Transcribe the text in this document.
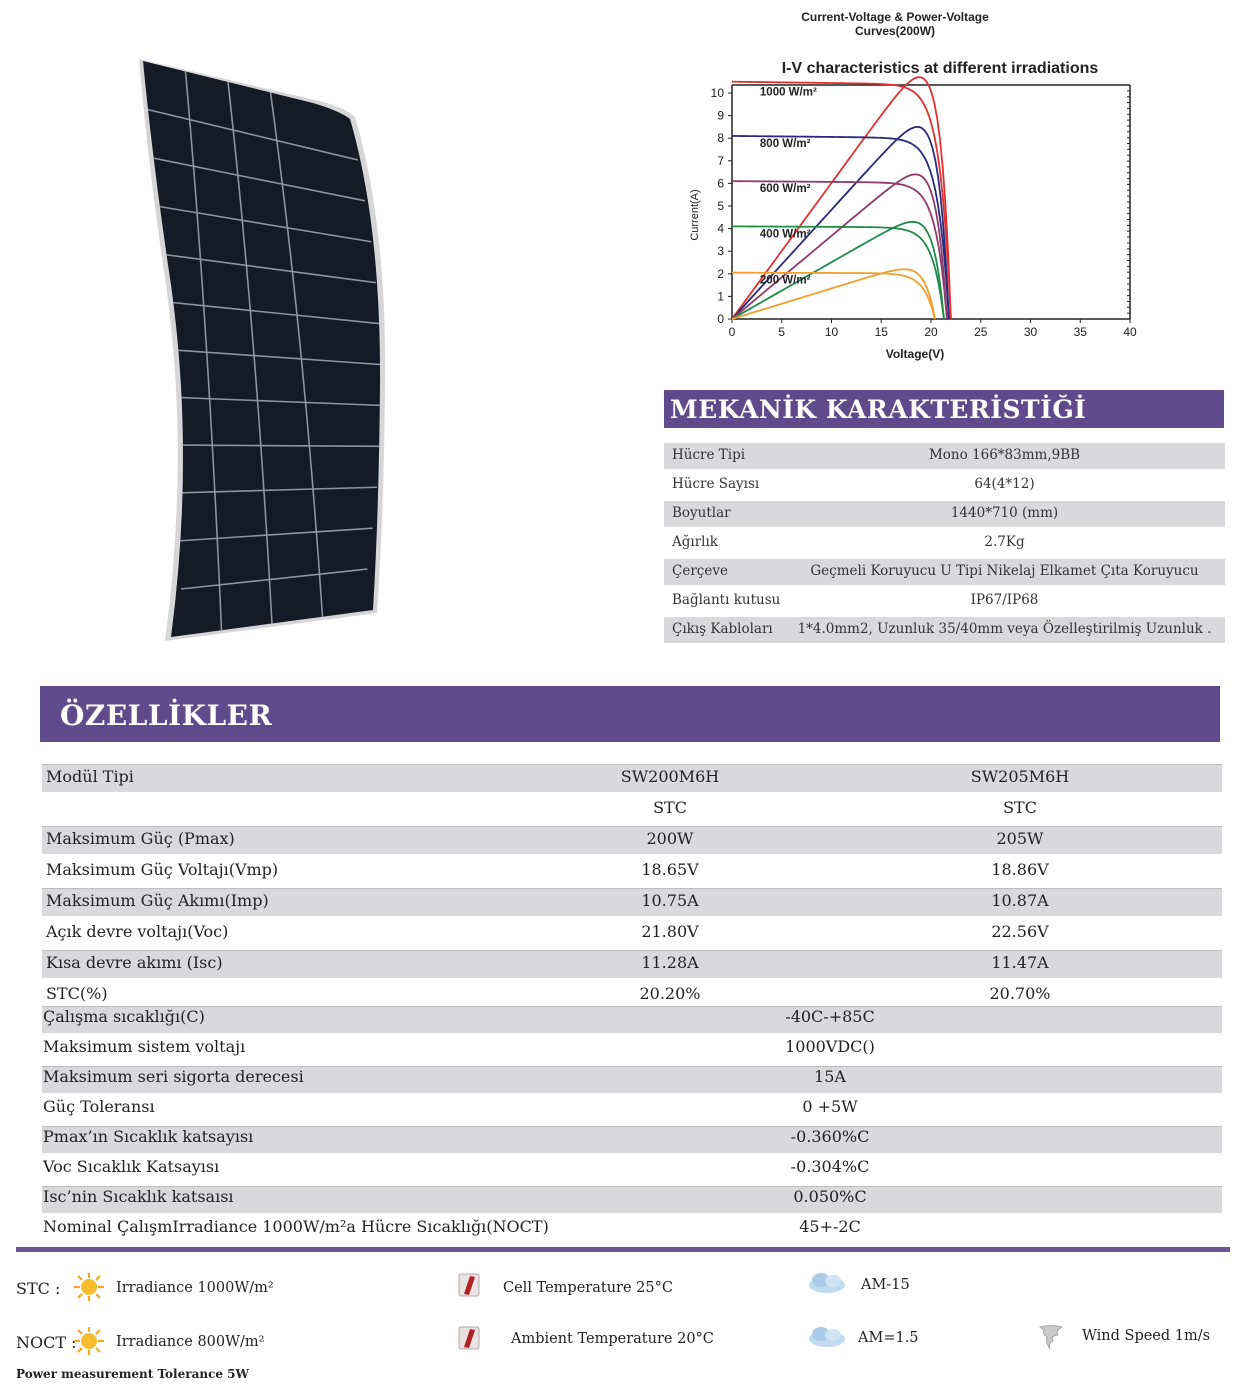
Current-Voltage & Power-Voltage
Curves(200W)
I-V characteristics at different irradiations
Current(A)
Voltage(V)
0	5	10	15	20	25	30	35	40
0
1
2
3
4
5
6
7
8
9
10	1000 W/m²
800 W/m²
600 W/m²
400 W/m²
200 W/m²
MEKANİK KARAKTERİSTİĞİ
Hücre Tipi	Mono 166*83mm,9BB
Hücre Sayısı	64(4*12)
Boyutlar	1440*710 (mm)
Ağırlık	2.7Kg
Çerçeve	Geçmeli Koruyucu U Tipi Nikelaj Elkamet Çıta Koruyucu
Bağlantı kutusu	IP67/IP68
Çıkış Kabloları	1*4.0mm2, Uzunluk 35/40mm veya Özelleştirilmiş Uzunluk .
ÖZELLİKLER
Modül Tipi	SW200M6H	SW205M6H
STC	STC
Maksimum Güç (Pmax)	200W	205W
Maksimum Güç Voltajı(Vmp)	18.65V	18.86V
Maksimum Güç Akımı(Imp)	10.75A	10.87A
Açık devre voltajı(Voc)	21.80V	22.56V
Kısa devre akımı (Isc)	11.28A	11.47A
STC(%)	20.20%	20.70%
Çalışma sıcaklığı(C)	-40C-+85C
Maksimum sistem voltajı	1000VDC()
Maksimum seri sigorta derecesi	15A
Güç Toleransı	0 +5W
Pmax’ın Sıcaklık katsayısı	-0.360%C
Voc Sıcaklık Katsayısı	-0.304%C
Isc’nin Sıcaklık katsaısı	0.050%C
Nominal ÇalışmIrradiance 1000W/m²a Hücre Sıcaklığı(NOCT)	45+-2C
STC :	Irradiance 1000W/m²	Cell Temperature 25°C	AM-15
NOCT :	Irradiance 800W/m²	Ambient Temperature 20°C	AM=1.5	Wind Speed 1m/s
Power measurement Tolerance 5W
